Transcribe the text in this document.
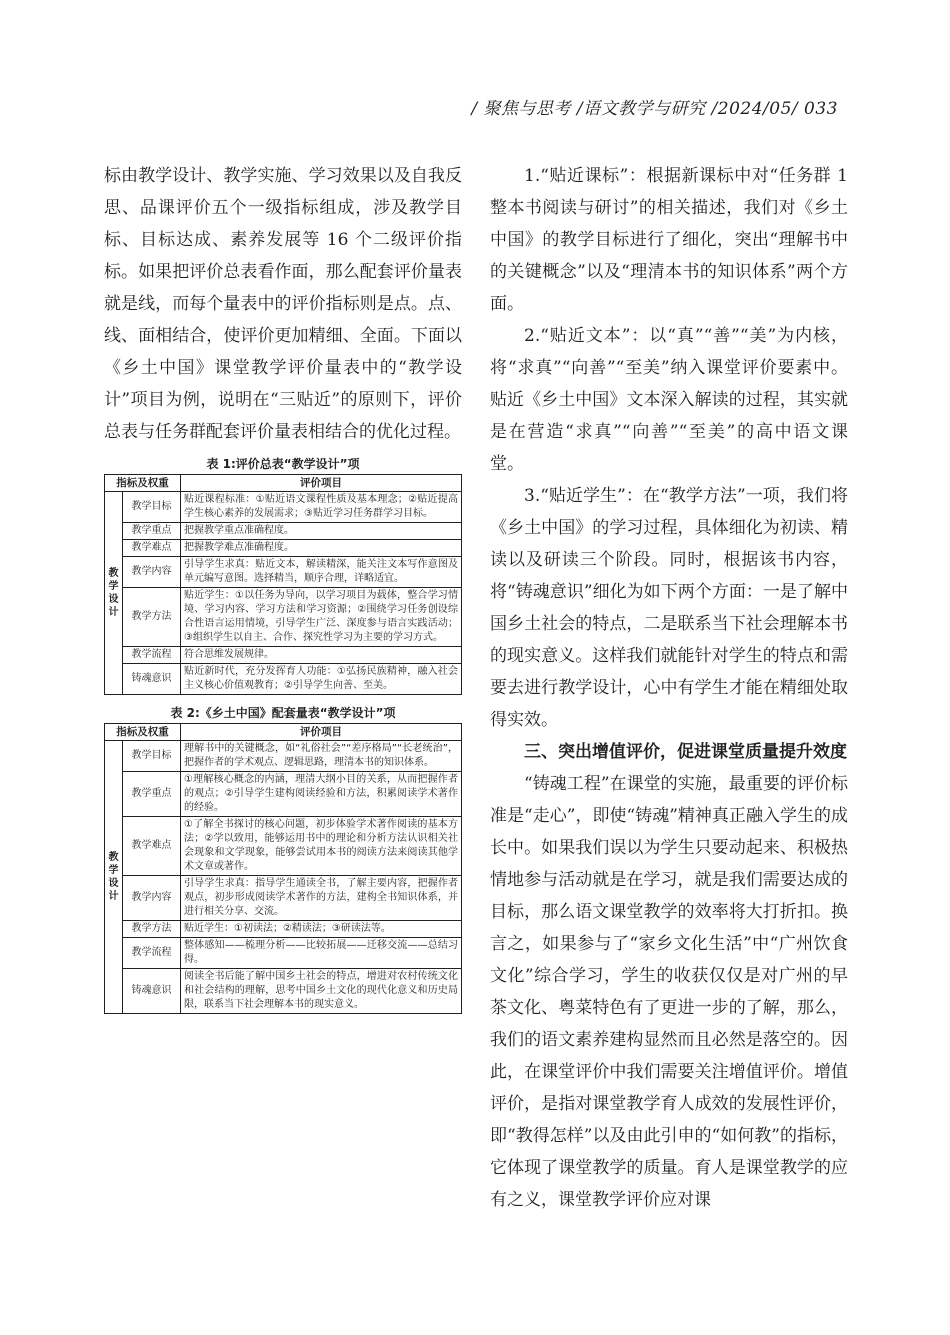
/ 聚焦与思考 /语文教学与研究 /2024/05/ 033

标由教学设计、教学实施、学习效果以及自我反思、品课评价五个一级指标组成，涉及教学目标、目标达成、素养发展等 16 个二级评价指标。如果把评价总表看作面，那么配套评价量表就是线，而每个量表中的评价指标则是点。点、线、面相结合，使评价更加精细、全面。下面以《乡土中国》课堂教学评价量表中的“教学设计”项目为例，说明在“三贴近”的原则下，评价总表与任务群配套评价量表相结合的优化过程。

表 1:评价总表“教学设计”项

指标及权重		评价项目

教
学
设
计	教学目标	贴近课程标准：①贴近语文课程性质及基本理念；②贴近提高学生核心素养的发展需求；③贴近学习任务群学习目标。
	教学重点	把握教学重点准确程度。
	教学难点	把握教学难点准确程度。
	教学内容	引导学生求真：贴近文本，解读精深，能关注文本写作意图及单元编写意图。选择精当，顺序合理，详略适宜。
	教学方法	贴近学生：①以任务为导向，以学习项目为载体，整合学习情境、学习内容、学习方法和学习资源；②围绕学习任务创设综合性语言运用情境，引导学生广泛、深度参与语言实践活动；③组织学生以自主、合作、探究性学习为主要的学习方式。
	教学流程	符合思维发展规律。
	铸魂意识	贴近新时代，充分发挥育人功能：①弘扬民族精神，融入社会主义核心价值观教育；②引导学生向善、至美。

表 2:《乡土中国》配套量表“教学设计”项

指标及权重		评价项目

教
学
设
计	教学目标	理解书中的关键概念，如“礼俗社会”“差序格局”“长老统治”，把握作者的学术观点、逻辑思路，理清本书的知识体系。
	教学重点	①理解核心概念的内涵，理清大纲小目的关系，从而把握作者的观点；②引导学生建构阅读经验和方法，积累阅读学术著作的经验。
	教学难点	①了解全书探讨的核心问题，初步体验学术著作阅读的基本方法；②学以致用，能够运用书中的理论和分析方法认识相关社会现象和文学现象，能够尝试用本书的阅读方法来阅读其他学术文章或著作。
	教学内容	引导学生求真：指导学生通读全书，了解主要内容，把握作者观点，初步形成阅读学术著作的方法，建构全书知识体系，并进行相关分享、交流。
	教学方法	贴近学生：①初读法；②精读法；③研读法等。
	教学流程	整体感知——梳理分析——比较拓展——迁移交流——总结习得。
	铸魂意识	阅读全书后能了解中国乡土社会的特点，增进对农村传统文化和社会结构的理解，思考中国乡土文化的现代化意义和历史局限，联系当下社会理解本书的现实意义。

1.“贴近课标”：根据新课标中对“任务群 1　整本书阅读与研讨”的相关描述，我们对《乡土中国》的教学目标进行了细化，突出“理解书中的关键概念”以及“理清本书的知识体系”两个方面。

2.“贴近文本”：以“真”“善”“美”为内核，将“求真”“向善”“至美”纳入课堂评价要素中。贴近《乡土中国》文本深入解读的过程，其实就是在营造“求真”“向善”“至美”的高中语文课堂。

3.“贴近学生”：在“教学方法”一项，我们将《乡土中国》的学习过程，具体细化为初读、精读以及研读三个阶段。同时，根据该书内容，将“铸魂意识”细化为如下两个方面：一是了解中国乡土社会的特点，二是联系当下社会理解本书的现实意义。这样我们就能针对学生的特点和需要去进行教学设计，心中有学生才能在精细处取得实效。

三、突出增值评价，促进课堂质量提升效度

“铸魂工程”在课堂的实施，最重要的评价标准是“走心”，即使“铸魂”精神真正融入学生的成长中。如果我们误以为学生只要动起来、积极热情地参与活动就是在学习，就是我们需要达成的目标，那么语文课堂教学的效率将大打折扣。换言之，如果参与了“家乡文化生活”中“广州饮食文化”综合学习，学生的收获仅仅是对广州的早茶文化、粤菜特色有了更进一步的了解，那么，我们的语文素养建构显然而且必然是落空的。因此，在课堂评价中我们需要关注增值评价。增值评价，是指对课堂教学育人成效的发展性评价，即“教得怎样”以及由此引申的“如何教”的指标，它体现了课堂教学的质量。育人是课堂教学的应有之义，课堂教学评价应对课
